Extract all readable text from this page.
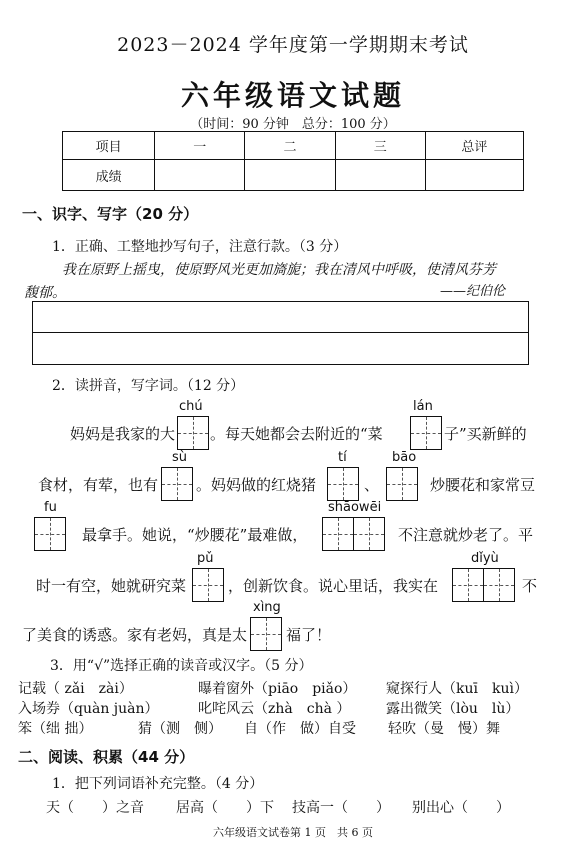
2023－2024 学年度第一学期期末考试
六年级语文试题
（时间：90 分钟　总分：100 分）
项目	一	二	三	总评
成绩				
一、识字、写字（20 分）
1．正确、工整地抄写句子，注意行款。（3 分）
我在原野上摇曳，使原野风光更加旖旎；我在清风中呼吸，使清风芬芳
馥郁。	——纪伯伦
2．读拼音，写字词。（12 分）
chú	lán
妈妈是我家的大 。每天她都会去附近的“菜	子”买新鲜的
sù	tí	bāo
食材，有荤，也有	。妈妈做的红烧猪	、	炒腰花和家常豆
fu	shāowēi
最拿手。她说，“炒腰花”最难做，	不注意就炒老了。平
pǔ	dǐyù
时一有空，她就研究菜	，创新饮食。说心里话，我实在	不
xìng
了美食的诱惑。家有老妈，真是太	福了！
3．用“√”选择正确的读音或汉字。（5 分）
记载（ zǎi　zài）	曝着窗外（piāo　piǎo） 窥探行人（kuī　kuì）
入场券（quàn juàn）	叱咤风云（zhà　chà ）	露出微笑（lòu　lù）
笨（绌 拙）	猜（测　侧） 自（作　做）自受 轻吹（曼　慢）舞
二、阅读、积累（44 分）
1．把下列词语补充完整。（4 分）
天（　　）之音 居高（　　）下 技高一（　　） 别出心（　　）
六年级语文试卷第 1 页　共 6 页
